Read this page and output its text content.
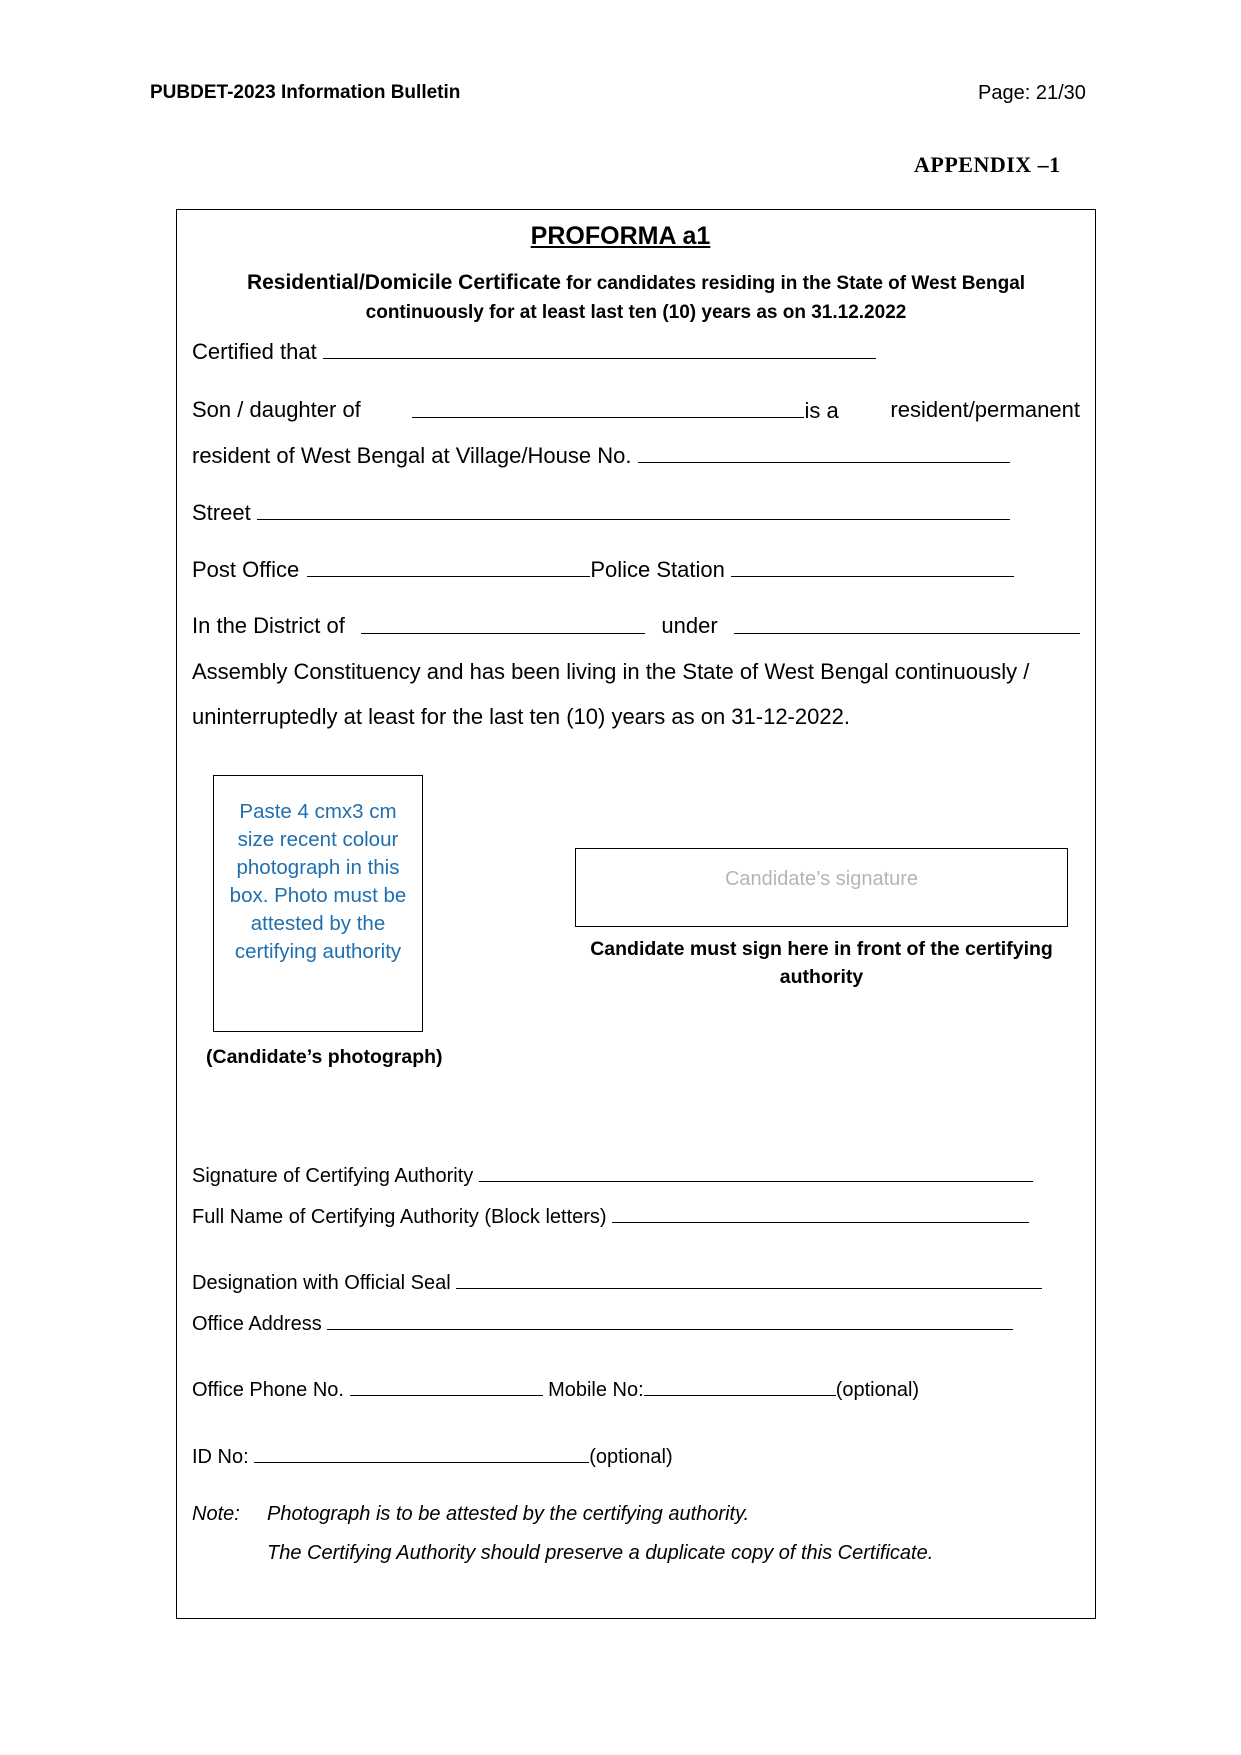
PUBDET-2023 Information Bulletin	Page: 21/30
APPENDIX –1
PROFORMA a1
Residential/Domicile Certificate for candidates residing in the State of West Bengal continuously for at least last ten (10) years as on 31.12.2022
Certified that
Son / daughter of	is a resident/permanent
resident of West Bengal at Village/House No.
Street
Post Office	Police Station
In the District of	under
Assembly Constituency and has been living in the State of West Bengal continuously /
uninterruptedly at least for the last ten (10) years as on 31-12-2022.
Paste 4 cmx3 cm size recent colour photograph in this box. Photo must be attested by the certifying authority
(Candidate’s photograph)
Candidate’s signature
Candidate must sign here in front of the certifying authority
Signature of Certifying Authority
Full Name of Certifying Authority (Block letters)
Designation with Official Seal
Office Address
Office Phone No.	Mobile No:	(optional)
ID No:	(optional)
Note: Photograph is to be attested by the certifying authority.
The Certifying Authority should preserve a duplicate copy of this Certificate.
